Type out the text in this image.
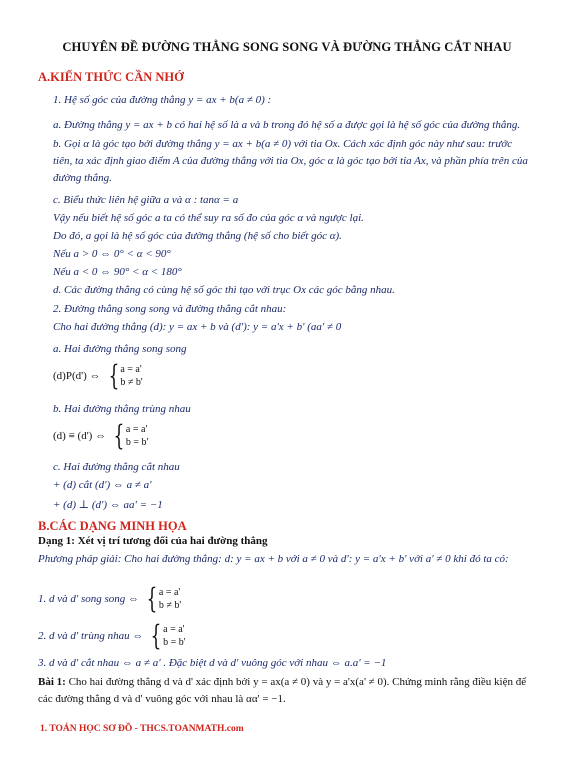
CHUYÊN ĐỀ ĐƯỜNG THẲNG SONG SONG VÀ ĐƯỜNG THẲNG CẮT NHAU
A.KIẾN THỨC CẦN NHỚ
1. Hệ số góc của đường thẳng y = ax + b(a ≠ 0) :
a. Đường thẳng y = ax + b có hai hệ số là a và b trong đó hệ số a được gọi là hệ số góc của đường thẳng.
b. Gọi α là góc tạo bởi đường thẳng y = ax + b(a ≠ 0) với tia Ox. Cách xác định góc này như sau: trước tiên, ta xác định giao điểm A của đường thẳng với tia Ox, góc α là góc tạo bởi tia Ax, và phần phía trên của đường thẳng.
c. Biểu thức liên hệ giữa a và α : tanα = a
Vậy nếu biết hệ số góc a ta có thể suy ra số đo của góc α và ngược lại.
Do đó, a gọi là hệ số góc của đường thẳng (hệ số cho biết góc α).
Nếu a > 0 ⇔ 0° < α < 90°
Nếu a < 0 ⇔ 90° < α < 180°
d. Các đường thẳng có cùng hệ số góc thì tạo với trục Ox các góc bằng nhau.
2. Đường thẳng song song và đường thẳng cắt nhau:
Cho hai đường thẳng (d): y = ax + b và (d'): y = a'x + b' (aa' ≠ 0
a. Hai đường thẳng song song
(d)P(d') ⇔ { a = a'
b ≠ b'
b. Hai đường thẳng trùng nhau
(d) ≡ (d') ⇔ { a = a'
b = b'
c. Hai đường thẳng cắt nhau
+ (d) cắt (d') ⇔ a ≠ a'
+ (d) ⊥ (d') ⇔ aa' = −1
B.CÁC DẠNG MINH HỌA
Dạng 1: Xét vị trí tương đối của hai đường thẳng
Phương pháp giải: Cho hai đường thẳng: d: y = ax + b với a ≠ 0 và d': y = a'x + b' với a' ≠ 0 khi đó ta có:
1. d và d' song song ⇔ { a = a'
b ≠ b'
2. d và d' trùng nhau ⇔ { a = a'
b = b'
3. d và d' cắt nhau ⇔ a ≠ a' . Đặc biệt d và d' vuông góc với nhau ⇔ a.a' = −1
Bài 1: Cho hai đường thẳng d và d' xác định bởi y = ax(a ≠ 0) và y = a'x(a' ≠ 0). Chứng minh rằng điều kiện để các đường thẳng d và d' vuông góc với nhau là αα' = −1.
1. TOÁN HỌC SƠ ĐỒ - THCS.TOANMATH.com
